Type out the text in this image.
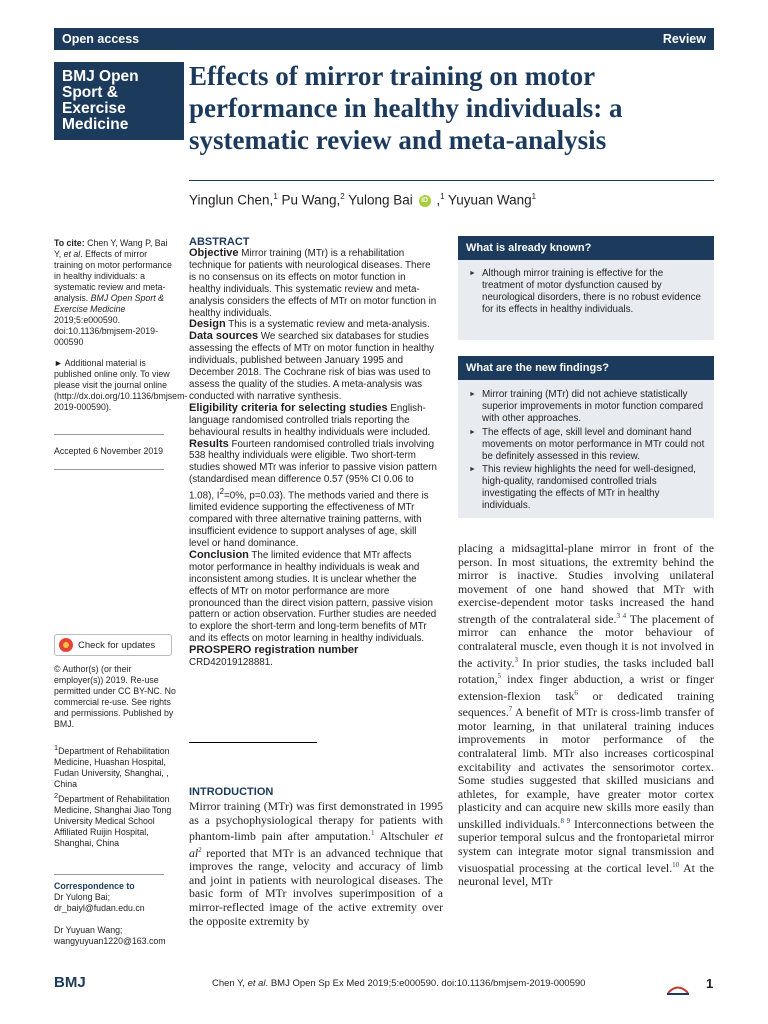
Open access	Review
BMJ Open
Sport &
Exercise
Medicine
Effects of mirror training on motor performance in healthy individuals: a systematic review and meta-analysis
Yinglun Chen,$^1$ Pu Wang,$^2$ Yulong Bai iD ,$^1$ Yuyuan Wang$^1$

To cite: Chen Y, Wang P, Bai Y, et al. Effects of mirror training on motor performance in healthy individuals: a systematic review and meta-analysis. BMJ Open Sport & Exercise Medicine 2019;5:e000590. doi:10.1136/bmjsem-2019-000590

► Additional material is published online only. To view please visit the journal online (http://dx.doi.org/10.1136/bmjsem-2019-000590).

Accepted 6 November 2019

Check for updates

© Author(s) (or their employer(s)) 2019. Re-use permitted under CC BY-NC. No commercial re-use. See rights and permissions. Published by BMJ.

$^1$Department of Rehabilitation Medicine, Huashan Hospital, Fudan University, Shanghai, , China

$^2$Department of Rehabilitation Medicine, Shanghai Jiao Tong University Medical School Affiliated Ruijin Hospital, Shanghai, China

Correspondence to

Dr Yulong Bai;

dr_baiyl@fudan.edu.cn

Dr Yuyuan Wang;

wangyuyuan1220@163.com

ABSTRACT

Objective Mirror training (MTr) is a rehabilitation technique for patients with neurological diseases. There is no consensus on its effects on motor function in healthy individuals. This systematic review and meta-analysis considers the effects of MTr on motor function in healthy individuals.

Design This is a systematic review and meta-analysis.

Data sources We searched six databases for studies assessing the effects of MTr on motor function in healthy individuals, published between January 1995 and December 2018. The Cochrane risk of bias was used to assess the quality of the studies. A meta-analysis was conducted with narrative synthesis.

Eligibility criteria for selecting studies English-language randomised controlled trials reporting the behavioural results in healthy individuals were included.

Results Fourteen randomised controlled trials involving 538 healthy individuals were eligible. Two short-term studies showed MTr was inferior to passive vision pattern (standardised mean difference 0.57 (95% CI 0.06 to 1.08), $I^2=0\%$, p=0.03). The methods varied and there is limited evidence supporting the effectiveness of MTr compared with three alternative training patterns, with insufficient evidence to support analyses of age, skill level or hand dominance.

Conclusion The limited evidence that MTr affects motor performance in healthy individuals is weak and inconsistent among studies. It is unclear whether the effects of MTr on motor performance are more pronounced than the direct vision pattern, passive vision pattern or action observation. Further studies are needed to explore the short-term and long-term benefits of MTr and its effects on motor learning in healthy individuals.

PROSPERO registration number CRD42019128881.

What is already known?

► Although mirror training is effective for the treatment of motor dysfunction caused by neurological disorders, there is no robust evidence for its effects in healthy individuals.

What are the new findings?

► Mirror training (MTr) did not achieve statistically superior improvements in motor function compared with other approaches.

► The effects of age, skill level and dominant hand movements on motor performance in MTr could not be definitely assessed in this review.

► This review highlights the need for well-designed, high-quality, randomised controlled trials investigating the effects of MTr in healthy individuals.

INTRODUCTION

Mirror training (MTr) was first demonstrated in 1995 as a psychophysiological therapy for patients with phantom-limb pain after amputation.$^1$ Altschuler et $al^2$ reported that MTr is an advanced technique that improves the range, velocity and accuracy of limb and joint in patients with neurological diseases. The basic form of MTr involves superimposition of a mirror-reflected image of the active extremity over the opposite extremity by

placing a midsagittal-plane mirror in front of the person. In most situations, the extremity behind the mirror is inactive. Studies involving unilateral movement of one hand showed that MTr with exercise-dependent motor tasks increased the hand strength of the contralateral side.$^{3 4}$ The placement of mirror can enhance the motor behaviour of contralateral muscle, even though it is not involved in the activity.$^3$ In prior studies, the tasks included ball rotation,$^5$ index finger abduction, a wrist or finger extension-flexion task$^6$ or dedicated training sequences.$^7$ A benefit of MTr is cross-limb transfer of motor learning, in that unilateral training induces improvements in motor performance of the contralateral limb. MTr also increases corticospinal excitability and activates the sensorimotor cortex. Some studies suggested that skilled musicians and athletes, for example, have greater motor cortex plasticity and can acquire new skills more easily than unskilled individuals.$^{8 9}$ Interconnections between the superior temporal sulcus and the frontoparietal mirror system can integrate motor signal transmission and visuospatial processing at the cortical level.$^{10}$ At the neuronal level, MTr

BMJ	Chen Y, et al. BMJ Open Sp Ex Med 2019;5:e000590. doi:10.1136/bmjsem-2019-000590	1
